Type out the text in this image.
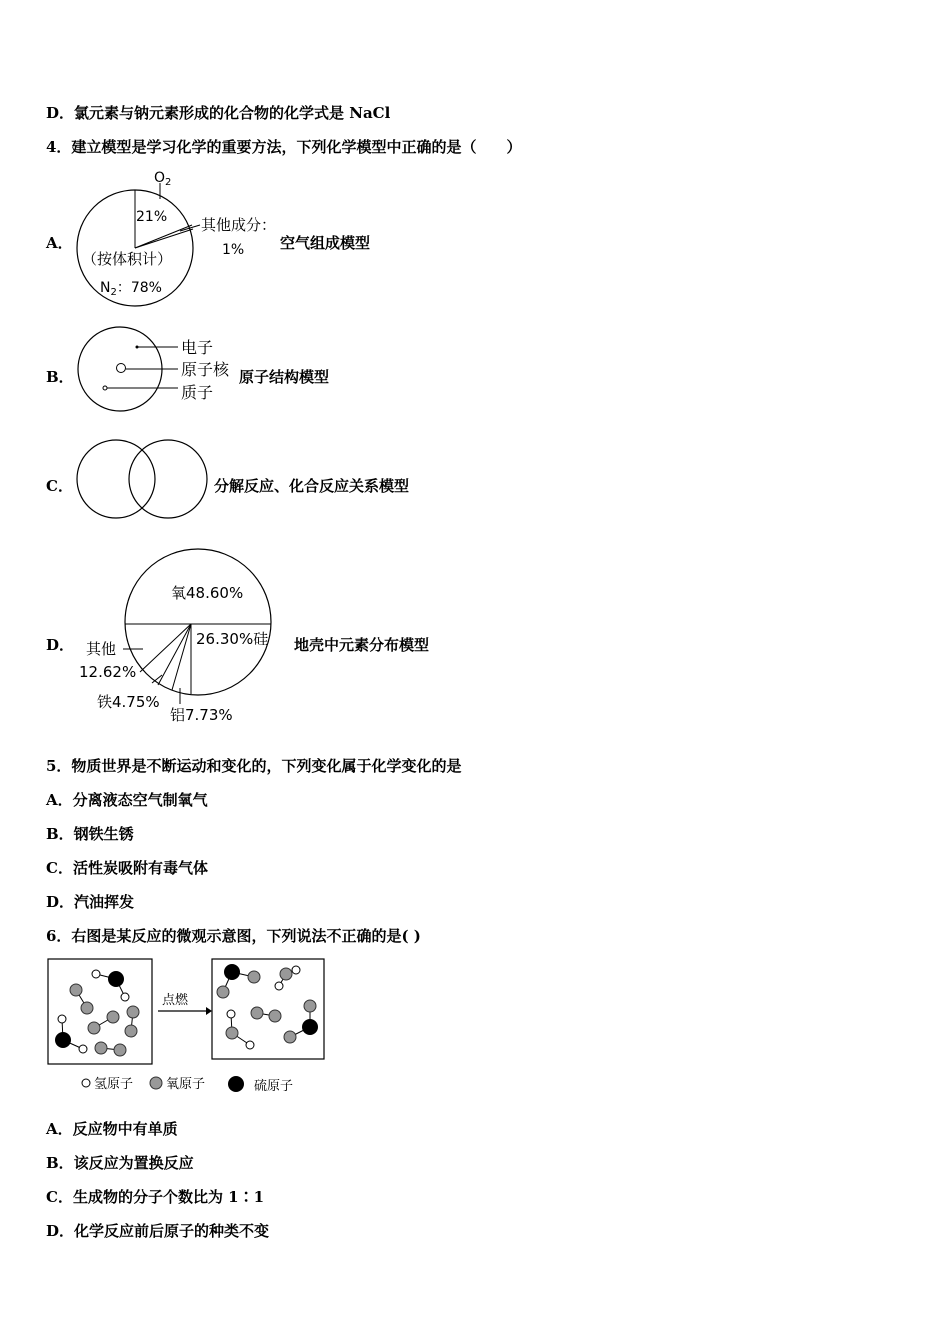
D．氯元素与钠元素形成的化合物的化学式是 NaCl
4．建立模型是学习化学的重要方法，下列化学模型中正确的是（　　）
A．
$O_2$
21% 其他成分：
1%
（按体积计）
$N_2$：78%
空气组成模型
B．
电子
原子核
质子
原子结构模型
C．	分解反应、化合反应关系模型
D．
氧48.60%
26.30%硅
其他
12.62%
铁4.75%
铝7.73%
地壳中元素分布模型
5．物质世界是不断运动和变化的，下列变化属于化学变化的是
A．分离液态空气制氧气
B．钢铁生锈
C．活性炭吸附有毒气体
D．汽油挥发
6．右图是某反应的微观示意图，下列说法不正确的是( )
点燃
氢原子	氧原子	硫原子
A．反应物中有单质
B．该反应为置换反应
C．生成物的分子个数比为 1∶1
D．化学反应前后原子的种类不变
